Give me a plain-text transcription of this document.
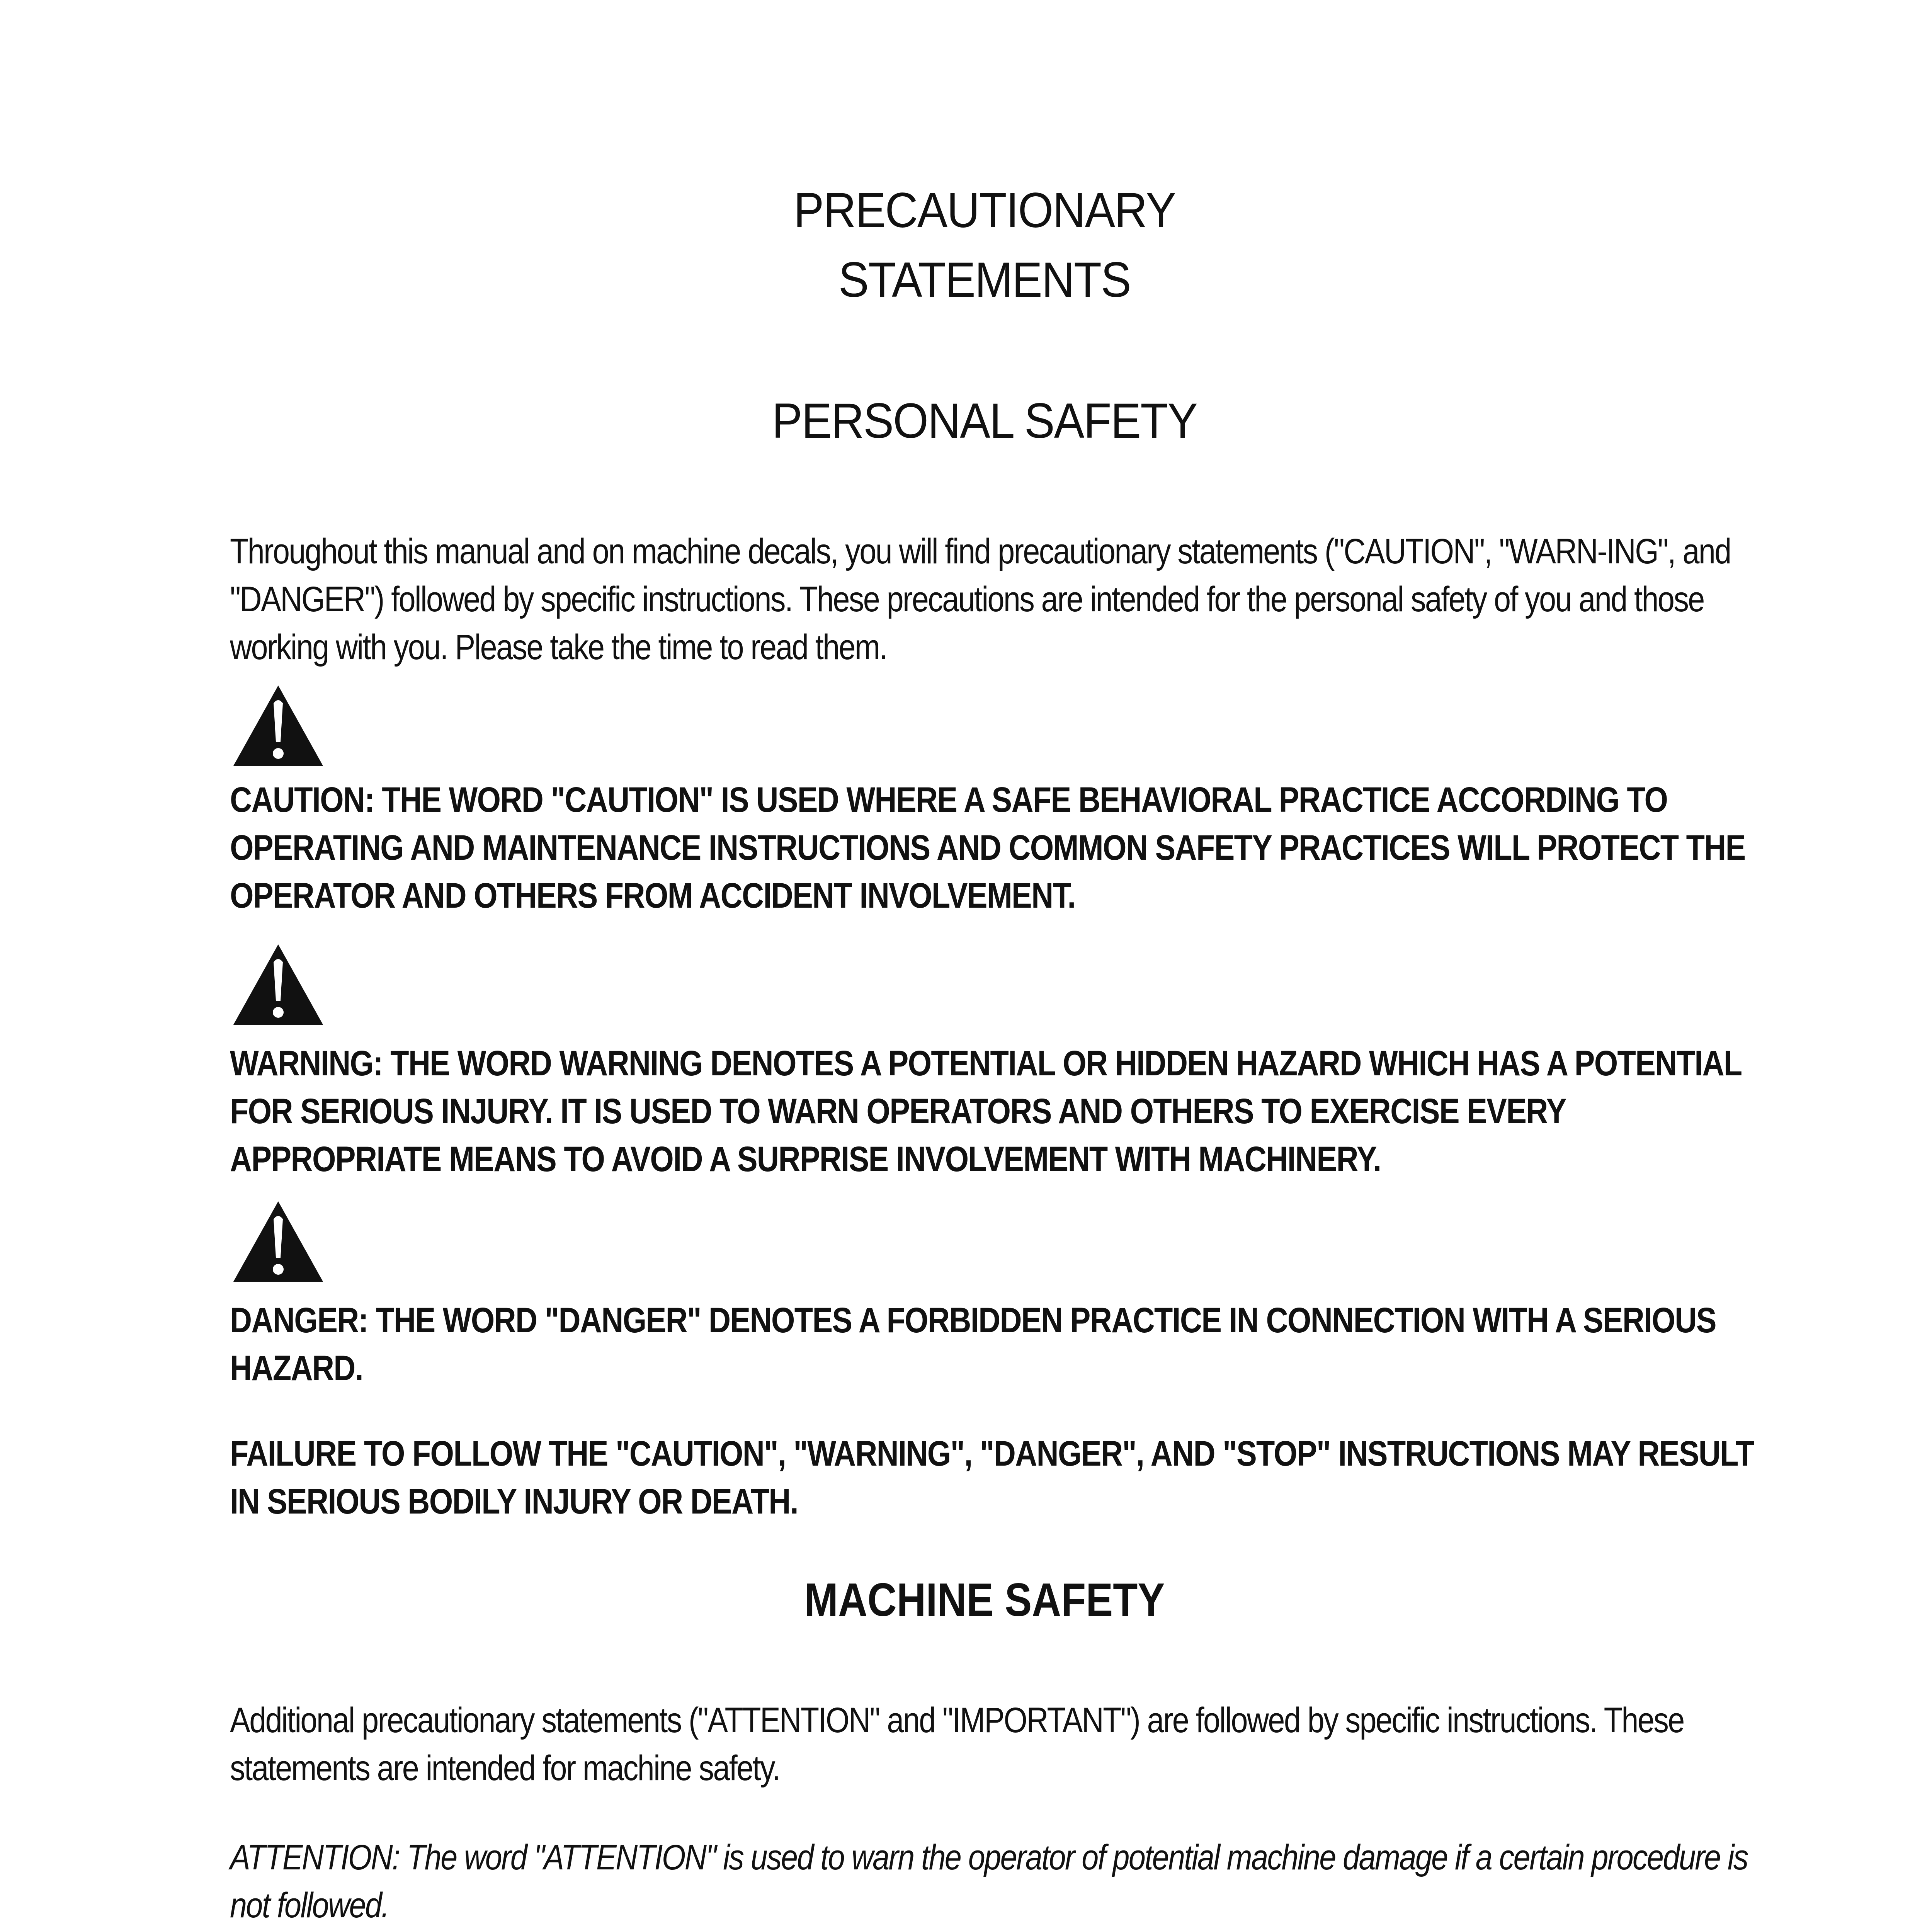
PRECAUTIONARY
STATEMENTS
PERSONAL SAFETY

Throughout this manual and on machine decals, you will find precautionary statements ("CAUTION", "WARN-ING", and "DANGER") followed by specific instructions. These precautions are intended for the personal safety of you and those working with you. Please take the time to read them.

CAUTION: THE WORD "CAUTION" IS USED WHERE A SAFE BEHAVIORAL PRACTICE ACCORDING TO OPERATING AND MAINTENANCE INSTRUCTIONS AND COMMON SAFETY PRACTICES WILL PROTECT THE OPERATOR AND OTHERS FROM ACCIDENT INVOLVEMENT.

WARNING: THE WORD WARNING DENOTES A POTENTIAL OR HIDDEN HAZARD WHICH HAS A POTENTIAL FOR SERIOUS INJURY. IT IS USED TO WARN OPERATORS AND OTHERS TO EXERCISE EVERY APPROPRIATE MEANS TO AVOID A SURPRISE INVOLVEMENT WITH MACHINERY.

DANGER: THE WORD "DANGER" DENOTES A FORBIDDEN PRACTICE IN CONNECTION WITH A SERIOUS HAZARD.

FAILURE TO FOLLOW THE "CAUTION", "WARNING", "DANGER", AND "STOP" INSTRUCTIONS MAY RESULT IN SERIOUS BODILY INJURY OR DEATH.

MACHINE SAFETY

Additional precautionary statements ("ATTENTION" and "IMPORTANT") are followed by specific instructions. These statements are intended for machine safety.

ATTENTION: The word "ATTENTION" is used to warn the operator of potential machine damage if a certain procedure is not followed.
